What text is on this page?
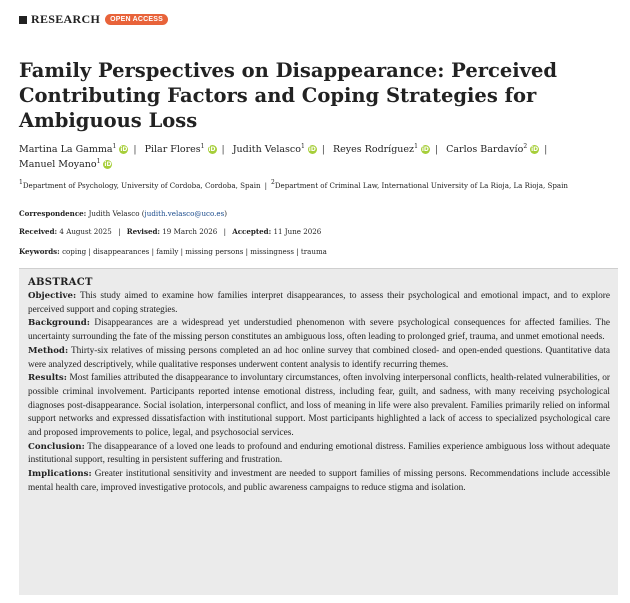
RESEARCH	OPEN ACCESS
Family Perspectives on Disappearance: Perceived Contributing Factors and Coping Strategies for Ambiguous Loss
Martina La Gamma$^1$ iD | Pilar Flores$^1$ iD | Judith Velasco$^1$ iD | Reyes Rodríguez$^1$ iD | Carlos Bardavío$^2$ iD |
Manuel Moyano$^1$ iD
$^1$Department of Psychology, University of Cordoba, Cordoba, Spain | $^2$Department of Criminal Law, International University of La Rioja, La Rioja, Spain
Correspondence: Judith Velasco (judith.velasco@uco.es)
Received: 4 August 2025 | Revised: 19 March 2026 | Accepted: 11 June 2026
Keywords: coping | disappearances | family | missing persons | missingness | trauma
ABSTRACT

Objective: This study aimed to examine how families interpret disappearances, to assess their psychological and emotional impact, and to explore perceived support and coping strategies.

Background: Disappearances are a widespread yet understudied phenomenon with severe psychological consequences for affected families. The uncertainty surrounding the fate of the missing person constitutes an ambiguous loss, often leading to prolonged grief, trauma, and unmet emotional needs.

Method: Thirty-six relatives of missing persons completed an ad hoc online survey that combined closed- and open-ended questions. Quantitative data were analyzed descriptively, while qualitative responses underwent content analysis to identify recurring themes.

Results: Most families attributed the disappearance to involuntary circumstances, often involving interpersonal conflicts, health-related vulnerabilities, or possible criminal involvement. Participants reported intense emotional distress, including fear, guilt, and sadness, with many receiving psychological diagnoses post-disappearance. Social isolation, interpersonal conflict, and loss of meaning in life were also prevalent. Families primarily relied on informal support networks and expressed dissatisfaction with institutional support. Most participants highlighted a lack of access to specialized psychological care and proposed improvements to police, legal, and psychosocial services.

Conclusion: The disappearance of a loved one leads to profound and enduring emotional distress. Families experience ambiguous loss without adequate institutional support, resulting in persistent suffering and frustration.

Implications: Greater institutional sensitivity and investment are needed to support families of missing persons. Recommendations include accessible mental health care, improved investigative protocols, and public awareness campaigns to reduce stigma and isolation.
